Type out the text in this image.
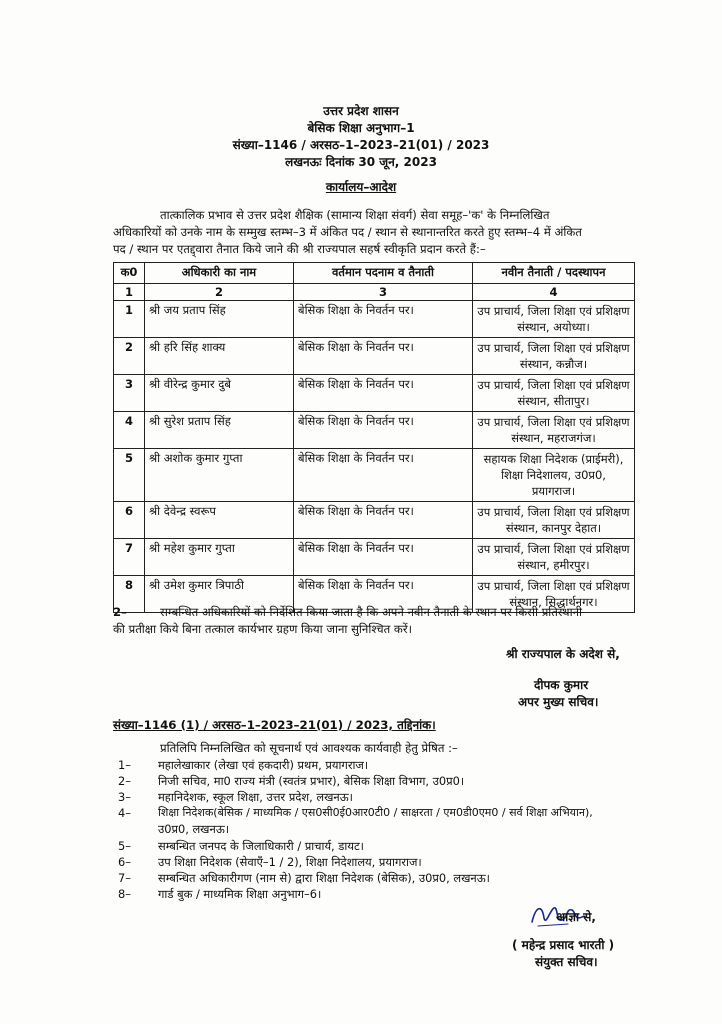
उत्तर प्रदेश शासन
बेसिक शिक्षा अनुभाग–1
संख्या–1146 / अरसठ–1–2023–21(01) / 2023
लखनऊः दिनांक 30 जून, 2023
कार्यालय–आदेश
तात्कालिक प्रभाव से उत्तर प्रदेश शैक्षिक (सामान्य शिक्षा संवर्ग) सेवा समूह–'क' के निम्नलिखित
अधिकारियों को उनके नाम के सम्मुख स्तम्भ–3 में अंकित पद / स्थान से स्थानान्तरित करते हुए स्तम्भ–4 में अंकित
पद / स्थान पर एतद्द्वारा तैनात किये जाने की श्री राज्यपाल सहर्ष स्वीकृति प्रदान करते हैं:–
क0	अधिकारी का नाम	वर्तमान पदनाम व तैनाती	नवीन तैनाती / पदस्थापन
1	2	3	4
1	श्री जय प्रताप सिंह	बेसिक शिक्षा के निवर्तन पर।	उप प्राचार्य, जिला शिक्षा एवं प्रशिक्षण
संस्थान, अयोध्या।

2	श्री हरि सिंह शाक्य	बेसिक शिक्षा के निवर्तन पर।	उप प्राचार्य, जिला शिक्षा एवं प्रशिक्षण
संस्थान, कन्नौज।

3	श्री वीरेन्द्र कुमार दुबे	बेसिक शिक्षा के निवर्तन पर।	उप प्राचार्य, जिला शिक्षा एवं प्रशिक्षण
संस्थान, सीतापुर।

4	श्री सुरेश प्रताप सिंह	बेसिक शिक्षा के निवर्तन पर।	उप प्राचार्य, जिला शिक्षा एवं प्रशिक्षण
संस्थान, महराजगंज।

5	श्री अशोक कुमार गुप्ता	बेसिक शिक्षा के निवर्तन पर।	सहायक शिक्षा निदेशक (प्राईमरी),
शिक्षा निदेशालय, उ0प्र0,
प्रयागराज।

6	श्री देवेन्द्र स्वरूप	बेसिक शिक्षा के निवर्तन पर।	उप प्राचार्य, जिला शिक्षा एवं प्रशिक्षण
संस्थान, कानपुर देहात।

7	श्री महेश कुमार गुप्ता	बेसिक शिक्षा के निवर्तन पर।	उप प्राचार्य, जिला शिक्षा एवं प्रशिक्षण
संस्थान, हमीरपुर।

8	श्री उमेश कुमार त्रिपाठी	बेसिक शिक्षा के निवर्तन पर।	उप प्राचार्य, जिला शिक्षा एवं प्रशिक्षण
संस्थान, सिद्धार्थनगर।
2–	सम्बन्धित अधिकारियों को निर्देशित किया जाता है कि अपने नवीन तैनाती के स्थान पर किसी प्रतिस्थानी
की प्रतीक्षा किये बिना तत्काल कार्यभार ग्रहण किया जाना सुनिश्चित करें।
श्री राज्यपाल के अदेश से,
दीपक कुमार
अपर मुख्य सचिव।
संख्या–1146 (1) / अरसठ–1–2023–21(01) / 2023, तद्दिनांक।
प्रतिलिपि निम्नलिखित को सूचनार्थ एवं आवश्यक कार्यवाही हेतु प्रेषित :–
1–	महालेखाकार (लेखा एवं हकदारी) प्रथम, प्रयागराज।
2–	निजी सचिव, मा0 राज्य मंत्री (स्वतंत्र प्रभार), बेसिक शिक्षा विभाग, उ0प्र0।
3–	महानिदेशक, स्कूल शिक्षा, उत्तर प्रदेश, लखनऊ।
4–	शिक्षा निदेशक(बेसिक / माध्यमिक / एस0सी0ई0आर0टी0 / साक्षरता / एम0डी0एम0 / सर्व शिक्षा अभियान),
उ0प्र0, लखनऊ।
5–	सम्बन्धित जनपद के जिलाधिकारी / प्राचार्य, डायट।
6–	उप शिक्षा निदेशक (सेवाएँ–1 / 2), शिक्षा निदेशालय, प्रयागराज।
7–	सम्बन्धित अधिकारीगण (नाम से) द्वारा शिक्षा निदेशक (बेसिक), उ0प्र0, लखनऊ।
8–	गार्ड बुक / माध्यमिक शिक्षा अनुभाग–6।
आज्ञा से,
( महेन्द्र प्रसाद भारती )
संयुक्त सचिव।
